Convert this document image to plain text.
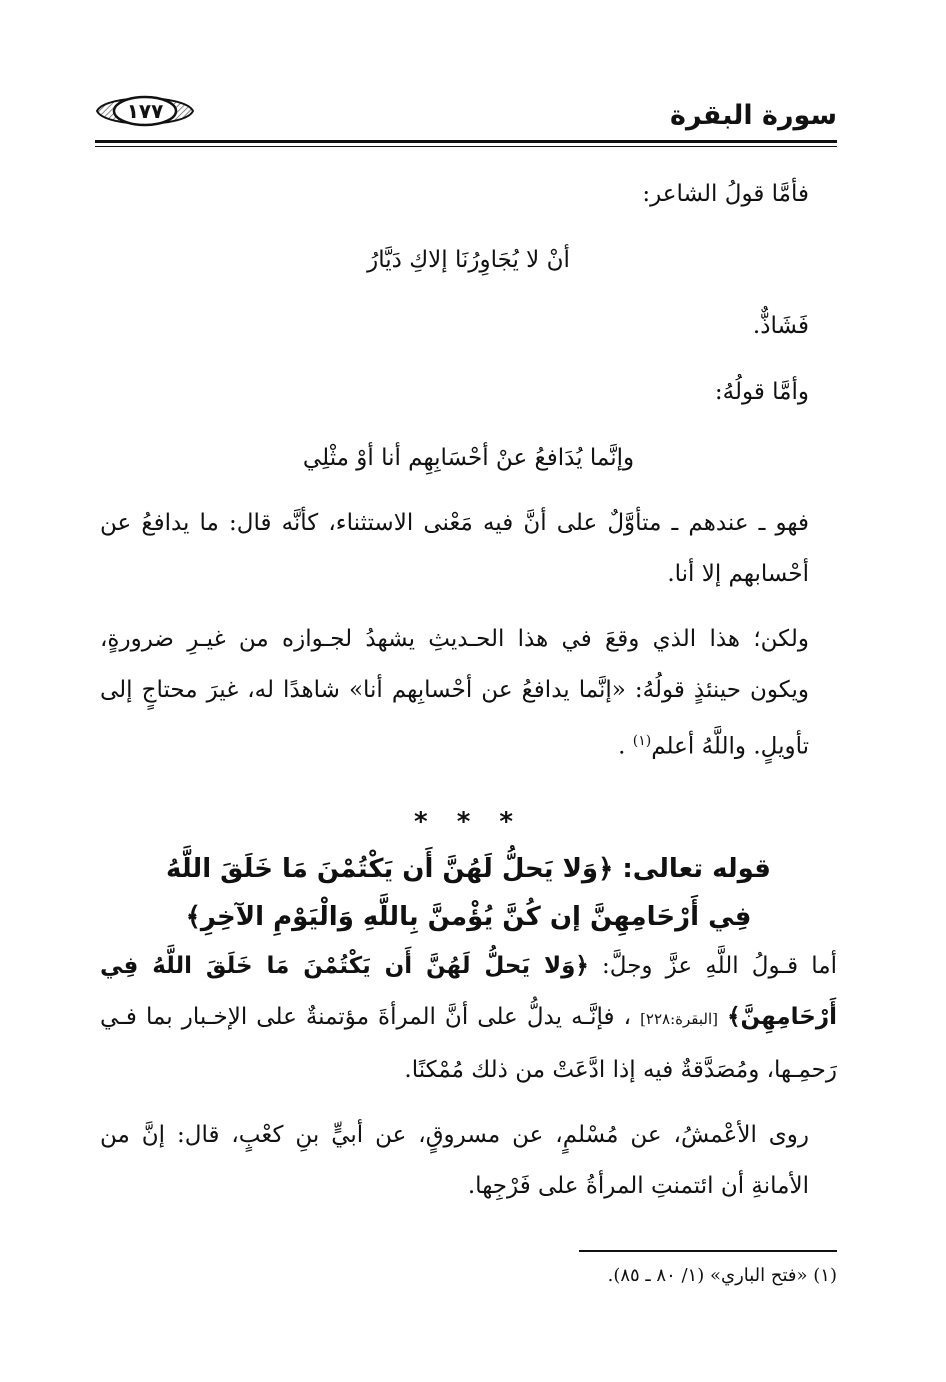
سورة البقرة
١٧٧
فأمَّا قولُ الشاعر:
أنْ لا يُجَاوِرُنَا إلاكِ دَيَّارُ
فَشَاذٌّ.
وأمَّا قولُهُ:
وإنَّما يُدَافعُ عنْ أحْسَابِهِم أنا أوْ مثْلِي
فهو ـ عندهم ـ متأوَّلٌ على أنَّ فيه مَعْنى الاستثناء، كأنَّه قال: ما يدافعُ عن أحْسابهم إلا أنا.
ولكن؛ هذا الذي وقعَ في هذا الحـديثِ يشهدُ لجـوازه من غيـرِ ضرورةٍ، ويكون حينئذٍ قولُهُ: «إنَّما يدافعُ عن أحْسابِهم أنا» شاهدًا له، غيرَ محتاجٍ إلى تأويلٍ. واللَّهُ أعلم$^{(١)}$ .
* * *
قوله تعالى: ﴿وَلا يَحلُّ لَهُنَّ أَن يَكْتُمْنَ مَا خَلَقَ اللَّهُ
فِي أَرْحَامِهِنَّ إن كُنَّ يُؤْمنَّ بِاللَّهِ وَالْيَوْمِ الآخِرِ﴾
أما قـولُ اللَّهِ عزَّ وجلَّ: ﴿وَلا يَحلُّ لَهُنَّ أَن يَكْتُمْنَ مَا خَلَقَ اللَّهُ فِي أَرْحَامِهِنَّ﴾ [البقرة:٢٢٨] ، فإنَّـه يدلُّ على أنَّ المرأةَ مؤتمنةٌ على الإخـبار بما فـي رَحمِـها، ومُصَدَّقةٌ فيه إذا ادَّعَتْ من ذلك مُمْكنًا.
روى الأعْمشُ، عن مُسْلمٍ، عن مسروقٍ، عن أبيٍّ بنِ كعْبٍ، قال: إنَّ من الأمانةِ أن ائتمنتِ المرأةُ على فَرْجِها.
(١) «فتح الباري» (١/ ٨٠ ـ ٨٥).
